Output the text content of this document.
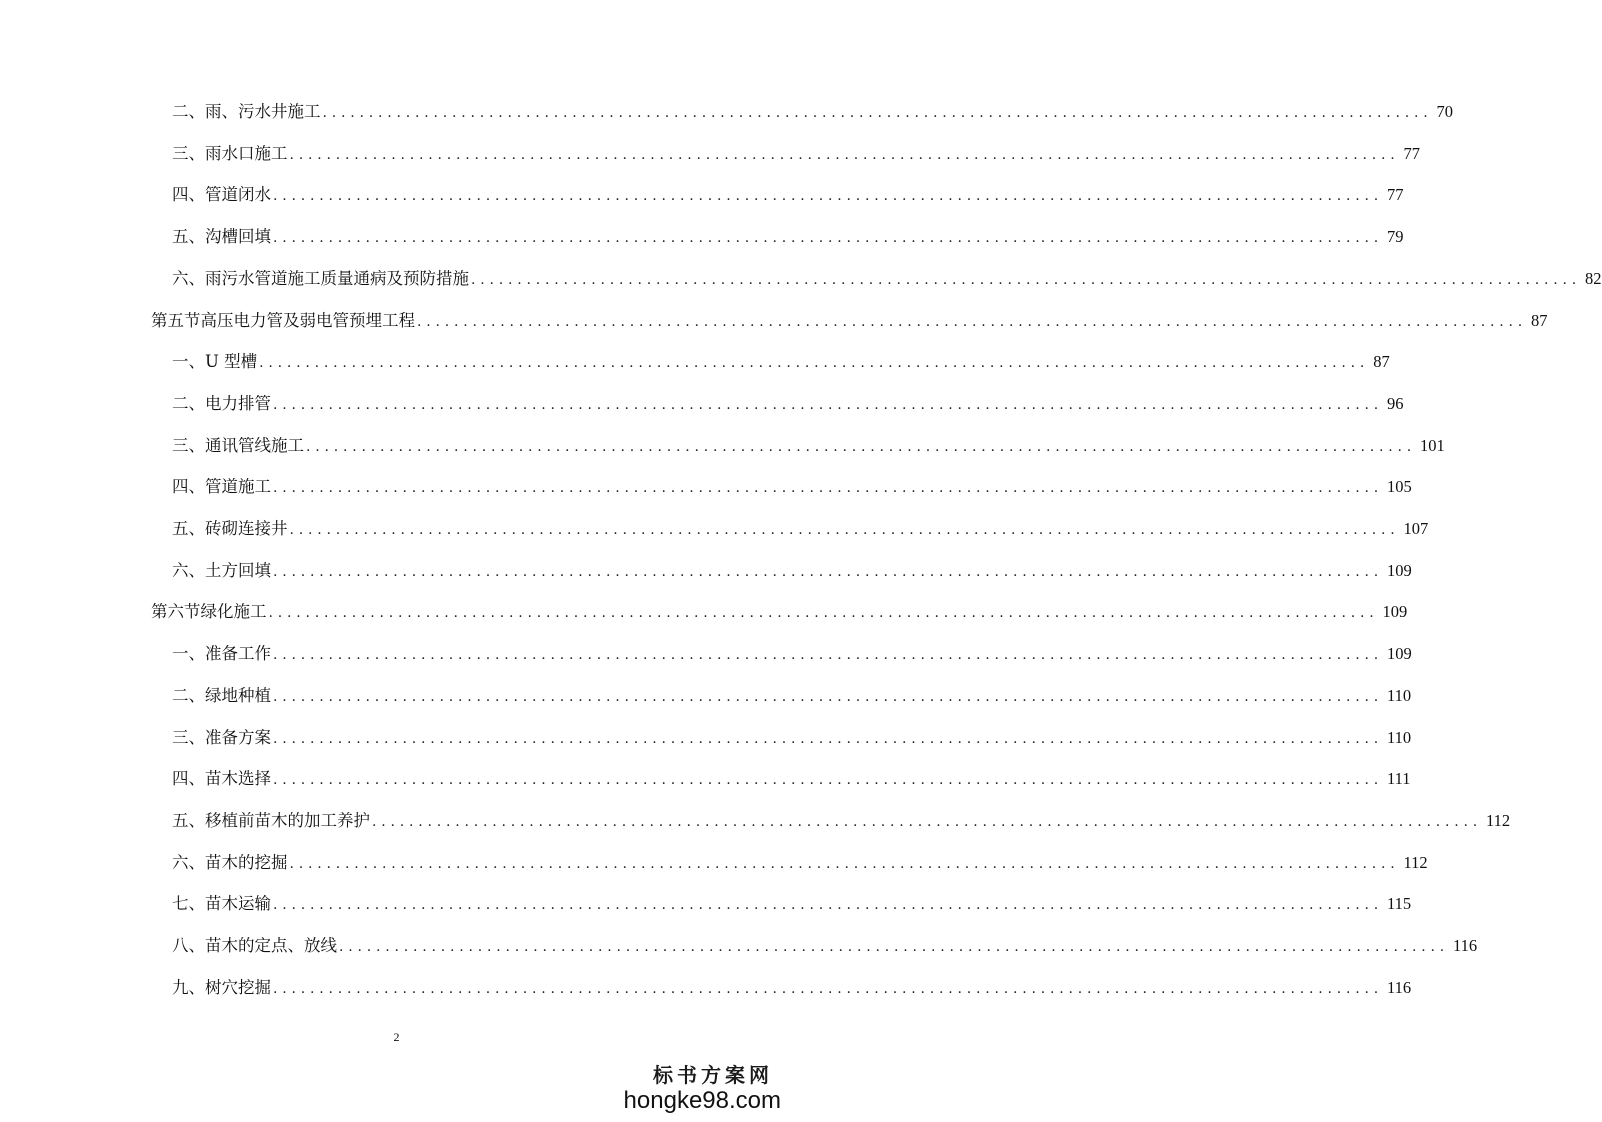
二、雨、污水井施工 ........................................................................................................................ 70
三、雨水口施工 ........................................................................................................................ 77
四、管道闭水 ........................................................................................................................ 77
五、沟槽回填 ........................................................................................................................ 79
六、雨污水管道施工质量通病及预防措施 ........................................................................................................................ 82
第五节高压电力管及弱电管预埋工程 ........................................................................................................................ 87
一、U 型槽 ........................................................................................................................ 87
二、电力排管 ........................................................................................................................ 96
三、通讯管线施工 ........................................................................................................................ 101
四、管道施工 ........................................................................................................................ 105
五、砖砌连接井 ........................................................................................................................ 107
六、土方回填 ........................................................................................................................ 109
第六节绿化施工 ........................................................................................................................ 109
一、准备工作 ........................................................................................................................ 109
二、绿地种植 ........................................................................................................................ 110
三、准备方案 ........................................................................................................................ 110
四、苗木选择 ........................................................................................................................ 111
五、移植前苗木的加工养护 ........................................................................................................................ 112
六、苗木的挖掘 ........................................................................................................................ 112
七、苗木运输 ........................................................................................................................ 115
八、苗木的定点、放线 ........................................................................................................................ 116
九、树穴挖掘 ........................................................................................................................ 116
2
标书方案网
hongke98.com
